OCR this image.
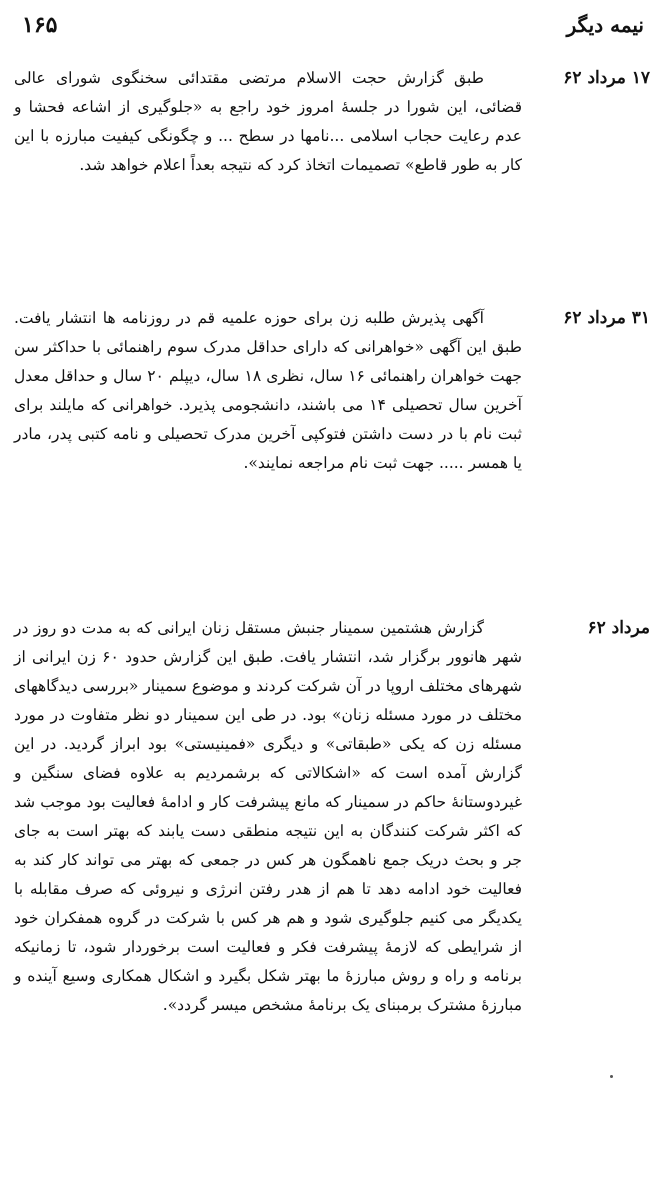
نیمه دیگر
۱۶۵
۱۷ مرداد ۶۲

طبق گزارش حجت الاسلام مرتضی مقتدائی سخنگوی شورای عالی قضائی، این شورا در جلسهٔ امروز خود راجع به «جلوگیری از اشاعه فحشا و عدم رعایت حجاب اسلامی ...نامها در سطح ... و چگونگی کیفیت مبارزه با این کار به طور قاطع» تصمیمات اتخاذ کرد که نتیجه بعداً اعلام خواهد شد.

۳۱ مرداد ۶۲

آگهی پذیرش طلبه زن برای حوزه علمیه قم در روزنامه ها انتشار یافت. طبق این آگهی «خواهرانی که دارای حداقل مدرک سوم راهنمائی با حداکثر سن جهت خواهران راهنمائی ۱۶ سال، نظری ۱۸ سال، دیپلم ۲۰ سال و حداقل معدل آخرین سال تحصیلی ۱۴ می باشند، دانشجومی پذیرد. خواهرانی که مایلند برای ثبت نام با در دست داشتن فتوکپی آخرین مدرک تحصیلی و نامه کتبی پدر، مادر یا همسر ..... جهت ثبت نام مراجعه نمایند».

مرداد ۶۲

گزارش هشتمین سمینار جنبش مستقل زنان ایرانی که به مدت دو روز در شهر هانوور برگزار شد، انتشار یافت. طبق این گزارش حدود ۶۰ زن ایرانی از شهرهای مختلف اروپا در آن شرکت کردند و موضوع سمینار «بررسی دیدگاههای مختلف در مورد مسئله زنان» بود. در طی این سمینار دو نظر متفاوت در مورد مسئله زن که یکی «طبقاتی» و دیگری «فمینیستی» بود ابراز گردید. در این گزارش آمده است که «اشکالاتی که برشمردیم به علاوه فضای سنگین و غیردوستانهٔ حاکم در سمینار که مانع پیشرفت کار و ادامهٔ فعالیت بود موجب شد که اکثر شرکت کنندگان به این نتیجه منطقی دست یابند که بهتر است به جای جر و بحث دریک جمع ناهمگون هر کس در جمعی که بهتر می تواند کار کند به فعالیت خود ادامه دهد تا هم از هدر رفتن انرژی و نیروئی که صرف مقابله با یکدیگر می کنیم جلوگیری شود و هم هر کس با شرکت در گروه همفکران خود از شرایطی که لازمهٔ پیشرفت فکر و فعالیت است برخوردار شود، تا زمانیکه برنامه و راه و روش مبارزهٔ ما بهتر شکل بگیرد و اشکال همکاری وسیع آینده و مبارزهٔ مشترک برمبنای یک برنامهٔ مشخص میسر گردد».
